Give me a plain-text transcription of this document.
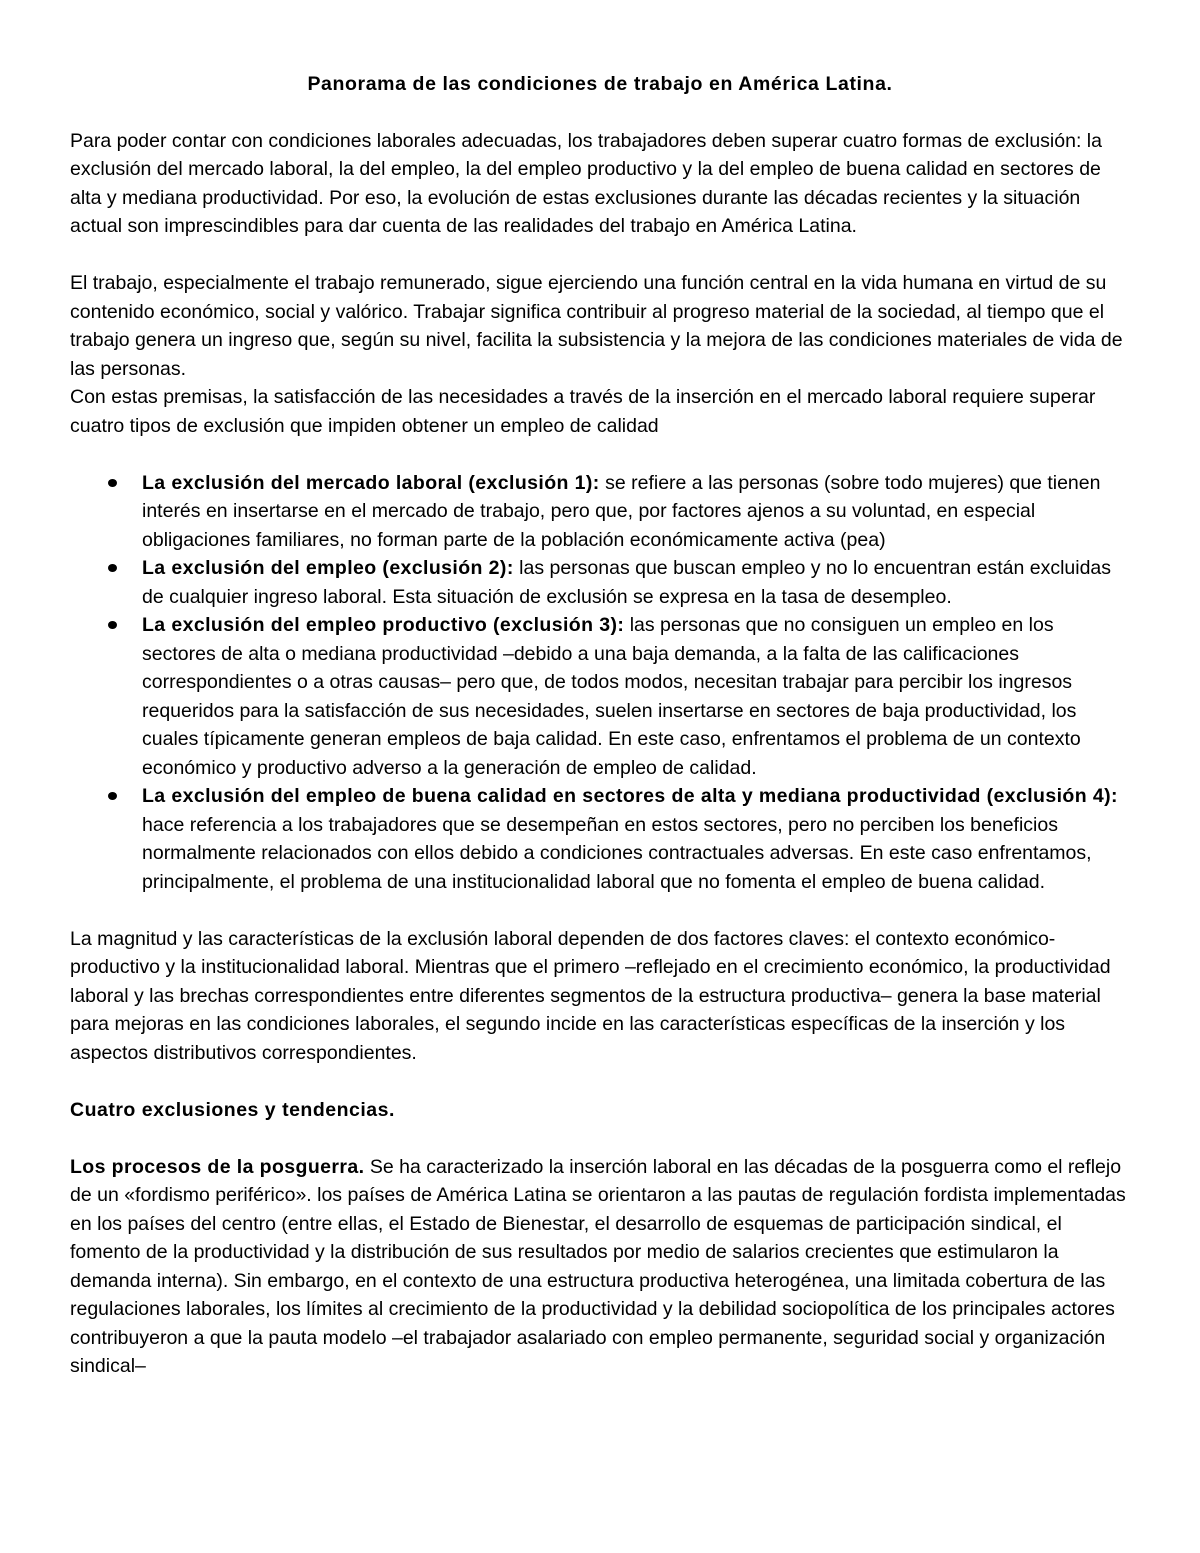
Panorama de las condiciones de trabajo en América Latina.

Para poder contar con condiciones laborales adecuadas, los trabajadores deben superar cuatro formas de exclusión: la exclusión del mercado laboral, la del empleo, la del empleo productivo y la del empleo de buena calidad en sectores de alta y mediana productividad. Por eso, la evolución de estas exclusiones durante las décadas recientes y la situación actual son imprescindibles para dar cuenta de las realidades del trabajo en América Latina.

El trabajo, especialmente el trabajo remunerado, sigue ejerciendo una función central en la vida humana en virtud de su contenido económico, social y valórico. Trabajar significa contribuir al progreso material de la sociedad, al tiempo que el trabajo genera un ingreso que, según su nivel, facilita la subsistencia y la mejora de las condiciones materiales de vida de las personas.

Con estas premisas, la satisfacción de las necesidades a través de la inserción en el mercado laboral requiere superar cuatro tipos de exclusión que impiden obtener un empleo de calidad

La exclusión del mercado laboral (exclusión 1): se refiere a las personas (sobre todo mujeres) que tienen interés en insertarse en el mercado de trabajo, pero que, por factores ajenos a su voluntad, en especial obligaciones familiares, no forman parte de la población económicamente activa (pea)
La exclusión del empleo (exclusión 2): las personas que buscan empleo y no lo encuentran están excluidas de cualquier ingreso laboral. Esta situación de exclusión se expresa en la tasa de desempleo.
La exclusión del empleo productivo (exclusión 3): las personas que no consiguen un empleo en los sectores de alta o mediana productividad –debido a una baja demanda, a la falta de las calificaciones correspondientes o a otras causas– pero que, de todos modos, necesitan trabajar para percibir los ingresos requeridos para la satisfacción de sus necesidades, suelen insertarse en sectores de baja productividad, los cuales típicamente generan empleos de baja calidad. En este caso, enfrentamos el problema de un contexto económico y productivo adverso a la generación de empleo de calidad.
La exclusión del empleo de buena calidad en sectores de alta y mediana productividad (exclusión 4): hace referencia a los trabajadores que se desempeñan en estos sectores, pero no perciben los beneficios normalmente relacionados con ellos debido a condiciones contractuales adversas. En este caso enfrentamos, principalmente, el problema de una institucionalidad laboral que no fomenta el empleo de buena calidad.

La magnitud y las características de la exclusión laboral dependen de dos factores claves: el contexto económico-productivo y la institucionalidad laboral. Mientras que el primero –reflejado en el crecimiento económico, la productividad laboral y las brechas correspondientes entre diferentes segmentos de la estructura productiva– genera la base material para mejoras en las condiciones laborales, el segundo incide en las características específicas de la inserción y los aspectos distributivos correspondientes.

Cuatro exclusiones y tendencias.

Los procesos de la posguerra. Se ha caracterizado la inserción laboral en las décadas de la posguerra como el reflejo de un «fordismo periférico». los países de América Latina se orientaron a las pautas de regulación fordista implementadas en los países del centro (entre ellas, el Estado de Bienestar, el desarrollo de esquemas de participación sindical, el fomento de la productividad y la distribución de sus resultados por medio de salarios crecientes que estimularon la demanda interna). Sin embargo, en el contexto de una estructura productiva heterogénea, una limitada cobertura de las regulaciones laborales, los límites al crecimiento de la productividad y la debilidad sociopolítica de los principales actores contribuyeron a que la pauta modelo –el trabajador asalariado con empleo permanente, seguridad social y organización sindical–
